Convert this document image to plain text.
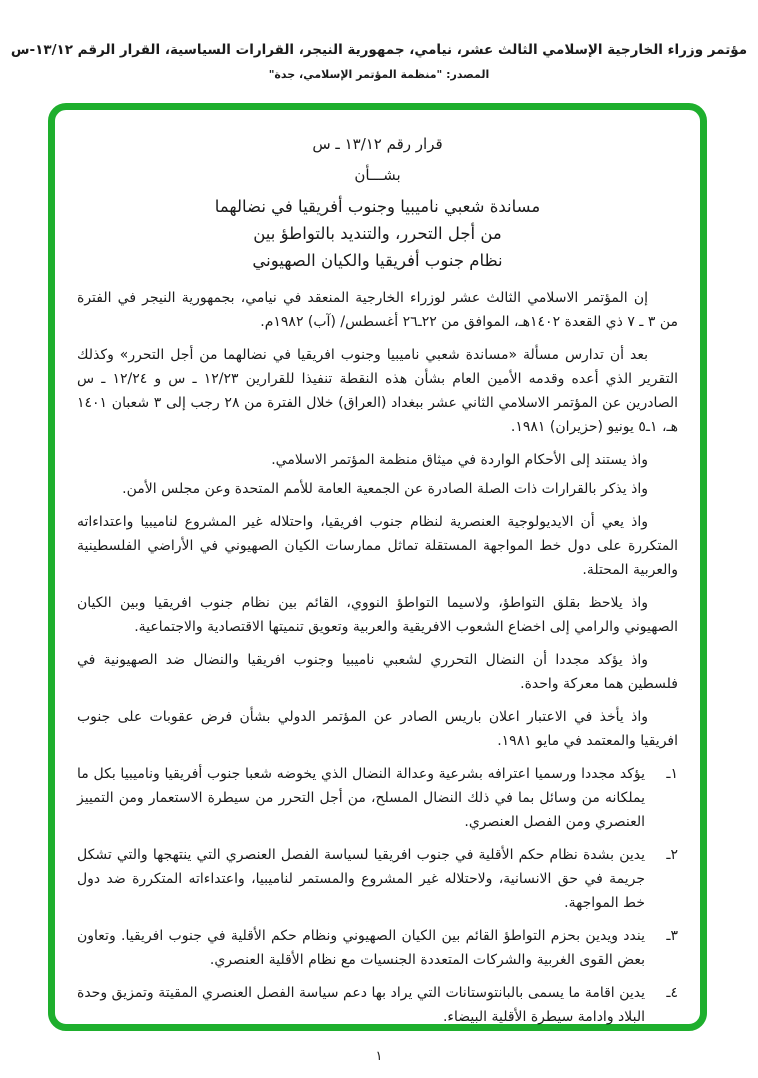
مؤتمر وزراء الخارجية الإسلامي الثالث عشر، نيامي، جمهورية النيجر، القرارات السياسية، القرار الرقم ١٣/١٢-س
المصدر: "منظمة المؤتمر الإسلامي، جدة"
قرار رقم ١٣/١٢ ـ س
بشـــأن
مساندة شعبي ناميبيا وجنوب أفريقيا في نضالهما
من أجل التحرر، والتنديد بالتواطؤ بين
نظام جنوب أفريقيا والكيان الصهيوني

إن المؤتمر الاسلامي الثالث عشر لوزراء الخارجية المنعقد في نيامي، بجمهورية النيجر في الفترة من ٣ ـ ٧ ذي القعدة ١٤٠٢هـ، الموافق من ٢٢ـ٢٦ أغسطس/ (آب) ١٩٨٢م.

بعد أن تدارس مسألة «مساندة شعبي ناميبيا وجنوب افريقيا في نضالهما من أجل التحرر» وكذلك التقرير الذي أعده وقدمه الأمين العام بشأن هذه النقطة تنفيذا للقرارين ١٢/٢٣ ـ س و ١٢/٢٤ ـ س الصادرين عن المؤتمر الاسلامي الثاني عشر ببغداد (العراق) خلال الفترة من ٢٨ رجب إلى ٣ شعبان ١٤٠١ هـ، ١ـ٥ يونيو (حزيران) ١٩٨١.

واذ يستند إلى الأحكام الواردة في ميثاق منظمة المؤتمر الاسلامي.

واذ يذكر بالقرارات ذات الصلة الصادرة عن الجمعية العامة للأمم المتحدة وعن مجلس الأمن.

واذ يعي أن الايديولوجية العنصرية لنظام جنوب افريقيا، واحتلاله غير المشروع لناميبيا واعتداءاته المتكررة على دول خط المواجهة المستقلة تماثل ممارسات الكيان الصهيوني في الأراضي الفلسطينية والعربية المحتلة.

واذ يلاحظ بقلق التواطؤ، ولاسيما التواطؤ النووي، القائم بين نظام جنوب افريقيا وبين الكيان الصهيوني والرامي إلى اخضاع الشعوب الافريقية والعربية وتعويق تنميتها الاقتصادية والاجتماعية.

واذ يؤكد مجددا أن النضال التحرري لشعبي ناميبيا وجنوب افريقيا والنضال ضد الصهيونية في فلسطين هما معركة واحدة.

واذ يأخذ في الاعتبار اعلان باريس الصادر عن المؤتمر الدولي بشأن فرض عقوبات على جنوب افريقيا والمعتمد في مايو ١٩٨١.

١ـ
يؤكد مجددا ورسميا اعترافه بشرعية وعدالة النضال الذي يخوضه شعبا جنوب أفريقيا وناميبيا بكل ما يملكانه من وسائل بما في ذلك النضال المسلح، من أجل التحرر من سيطرة الاستعمار ومن التمييز العنصري ومن الفصل العنصري.
٢ـ
يدين بشدة نظام حكم الأقلية في جنوب افريقيا لسياسة الفصل العنصري التي ينتهجها والتي تشكل جريمة في حق الانسانية، ولاحتلاله غير المشروع والمستمر لناميبيا، واعتداءاته المتكررة ضد دول خط المواجهة.
٣ـ
يندد ويدين بحزم التواطؤ القائم بين الكيان الصهيوني ونظام حكم الأقلية في جنوب افريقيا. وتعاون بعض القوى الغربية والشركات المتعددة الجنسيات مع نظام الأقلية العنصري.
٤ـ
يدين اقامة ما يسمى بالبانتوستانات التي يراد بها دعم سياسة الفصل العنصري المقيتة وتمزيق وحدة البلاد وادامة سيطرة الأقلية البيضاء.
١
